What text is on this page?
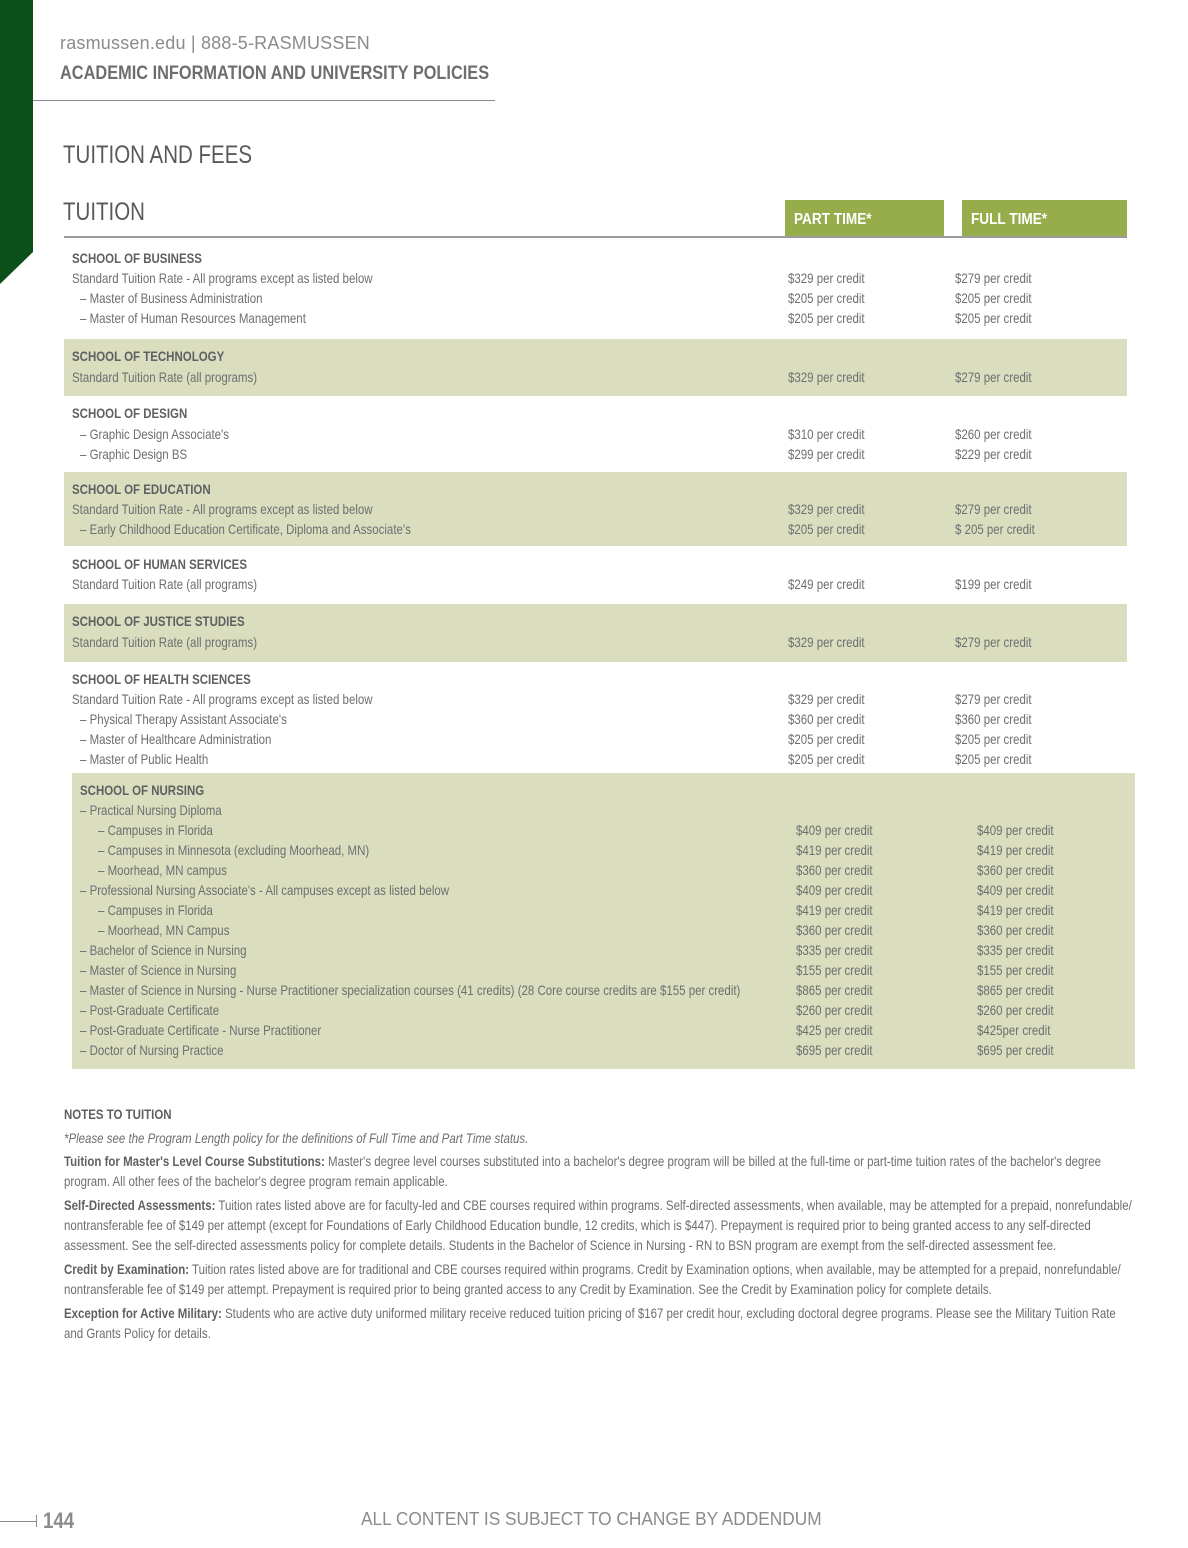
rasmussen.edu | 888-5-RASMUSSEN
ACADEMIC INFORMATION AND UNIVERSITY POLICIES
TUITION AND FEES
TUITION	PART TIME*	FULL TIME*
SCHOOL OF BUSINESS
Standard Tuition Rate - All programs except as listed below	$329 per credit	$279 per credit
– Master of Business Administration	$205 per credit	$205 per credit
– Master of Human Resources Management	$205 per credit	$205 per credit
SCHOOL OF TECHNOLOGY
Standard Tuition Rate (all programs)	$329 per credit	$279 per credit
SCHOOL OF DESIGN
– Graphic Design Associate's	$310 per credit	$260 per credit
– Graphic Design BS	$299 per credit	$229 per credit
SCHOOL OF EDUCATION
Standard Tuition Rate - All programs except as listed below	$329 per credit	$279 per credit
– Early Childhood Education Certificate, Diploma and Associate's	$205 per credit	$ 205 per credit
SCHOOL OF HUMAN SERVICES
Standard Tuition Rate (all programs)	$249 per credit	$199 per credit
SCHOOL OF JUSTICE STUDIES
Standard Tuition Rate (all programs)	$329 per credit	$279 per credit
SCHOOL OF HEALTH SCIENCES
Standard Tuition Rate - All programs except as listed below	$329 per credit	$279 per credit
– Physical Therapy Assistant Associate's	$360 per credit	$360 per credit
– Master of Healthcare Administration	$205 per credit	$205 per credit
– Master of Public Health	$205 per credit	$205 per credit
SCHOOL OF NURSING
– Practical Nursing Diploma
– Campuses in Florida	$409 per credit	$409 per credit
– Campuses in Minnesota (excluding Moorhead, MN)	$419 per credit	$419 per credit
– Moorhead, MN campus	$360 per credit	$360 per credit
– Professional Nursing Associate's - All campuses except as listed below	$409 per credit	$409 per credit
– Campuses in Florida	$419 per credit	$419 per credit
– Moorhead, MN Campus	$360 per credit	$360 per credit
– Bachelor of Science in Nursing	$335 per credit	$335 per credit
– Master of Science in Nursing	$155 per credit	$155 per credit
– Master of Science in Nursing - Nurse Practitioner specialization courses (41 credits) (28 Core course credits are $155 per credit)	$865 per credit	$865 per credit
– Post-Graduate Certificate	$260 per credit	$260 per credit
– Post-Graduate Certificate - Nurse Practitioner	$425 per credit	$425per credit
– Doctor of Nursing Practice	$695 per credit	$695 per credit
NOTES TO TUITION
*Please see the Program Length policy for the definitions of Full Time and Part Time status.
Tuition for Master's Level Course Substitutions: Master's degree level courses substituted into a bachelor's degree program will be billed at the full-time or part-time tuition rates of the bachelor's degree program. All other fees of the bachelor's degree program remain applicable.
Self-Directed Assessments: Tuition rates listed above are for faculty-led and CBE courses required within programs. Self-directed assessments, when available, may be attempted for a prepaid, nonrefundable/ nontransferable fee of $149 per attempt (except for Foundations of Early Childhood Education bundle, 12 credits, which is $447). Prepayment is required prior to being granted access to any self-directed assessment. See the self-directed assessments policy for complete details. Students in the Bachelor of Science in Nursing - RN to BSN program are exempt from the self-directed assessment fee.
Credit by Examination: Tuition rates listed above are for traditional and CBE courses required within programs. Credit by Examination options, when available, may be attempted for a prepaid, nonrefundable/ nontransferable fee of $149 per attempt. Prepayment is required prior to being granted access to any Credit by Examination. See the Credit by Examination policy for complete details.
Exception for Active Military: Students who are active duty uniformed military receive reduced tuition pricing of $167 per credit hour, excluding doctoral degree programs. Please see the Military Tuition Rate and Grants Policy for details.
144	ALL CONTENT IS SUBJECT TO CHANGE BY ADDENDUM
